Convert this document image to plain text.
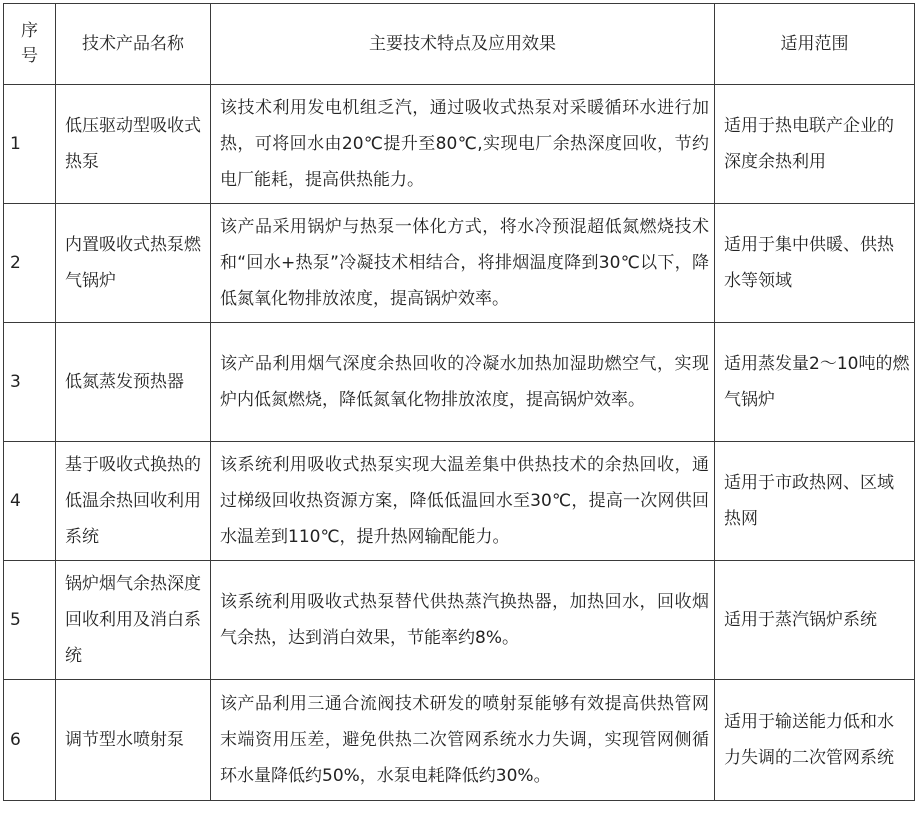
序号	技术产品名称	主要技术特点及应用效果	适用范围
1	低压驱动型吸收式热泵	该技术利用发电机组乏汽，通过吸收式热泵对采暖循环水进行加热，可将回水由20℃提升至80℃,实现电厂余热深度回收，节约电厂能耗，提高供热能力。	适用于热电联产企业的深度余热利用
2	内置吸收式热泵燃气锅炉	该产品采用锅炉与热泵一体化方式，将水冷预混超低氮燃烧技术和“回水+热泵”冷凝技术相结合，将排烟温度降到30℃以下，降低氮氧化物排放浓度，提高锅炉效率。	适用于集中供暖、供热水等领域
3	低氮蒸发预热器	该产品利用烟气深度余热回收的冷凝水加热加湿助燃空气，实现炉内低氮燃烧，降低氮氧化物排放浓度，提高锅炉效率。	适用蒸发量2～10吨的燃气锅炉
4	基于吸收式换热的低温余热回收利用系统	该系统利用吸收式热泵实现大温差集中供热技术的余热回收，通过梯级回收热资源方案，降低低温回水至30℃，提高一次网供回水温差到110℃，提升热网输配能力。	适用于市政热网、区域热网
5	锅炉烟气余热深度回收利用及消白系统	该系统利用吸收式热泵替代供热蒸汽换热器，加热回水，回收烟气余热，达到消白效果，节能率约8%。	适用于蒸汽锅炉系统
6	调节型水喷射泵	该产品利用三通合流阀技术研发的喷射泵能够有效提高供热管网末端资用压差，避免供热二次管网系统水力失调，实现管网侧循环水量降低约50%，水泵电耗降低约30%。	适用于输送能力低和水力失调的二次管网系统
